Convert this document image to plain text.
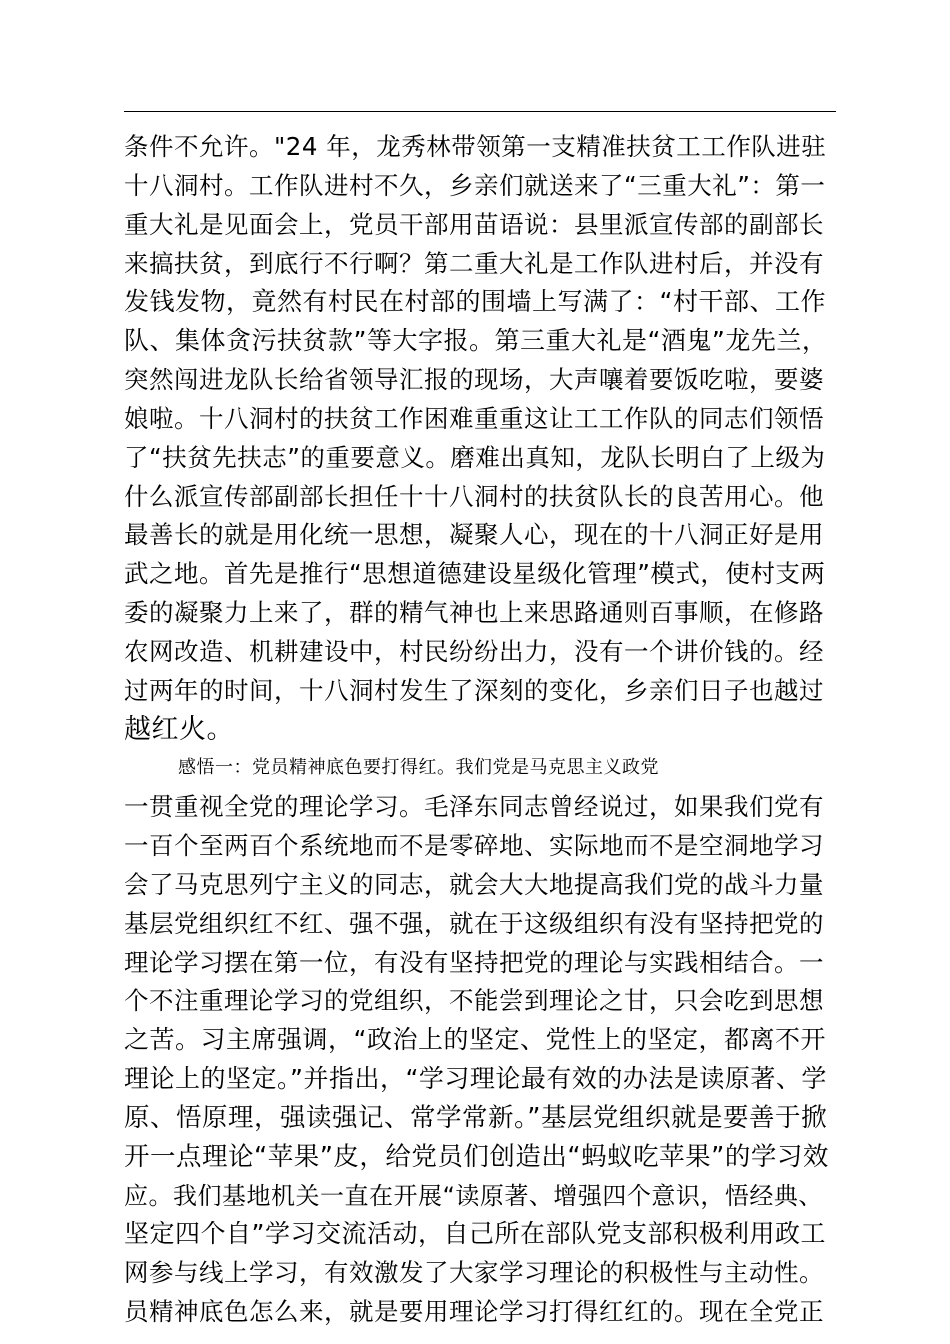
条件不允许。"24 年，龙秀林带领第一支精准扶贫工工作队进驻
十八洞村。工作队进村不久，乡亲们就送来了“三重大礼”：第一
重大礼是见面会上，党员干部用苗语说：县里派宣传部的副部长
来搞扶贫，到底行不行啊？第二重大礼是工作队进村后，并没有
发钱发物，竟然有村民在村部的围墙上写满了：“村干部、工作
队、集体贪污扶贫款”等大字报。第三重大礼是“酒鬼”龙先兰，
突然闯进龙队长给省领导汇报的现场，大声嚷着要饭吃啦，要婆
娘啦。十八洞村的扶贫工作困难重重这让工工作队的同志们领悟
了“扶贫先扶志”的重要意义。磨难出真知，龙队长明白了上级为
什么派宣传部副部长担任十十八洞村的扶贫队长的良苦用心。他
最善长的就是用化统一思想，凝聚人心，现在的十八洞正好是用
武之地。首先是推行“思想道德建设星级化管理”模式，使村支两
委的凝聚力上来了，群的精气神也上来思路通则百事顺，在修路
农网改造、机耕建设中，村民纷纷出力，没有一个讲价钱的。经
过两年的时间，十八洞村发生了深刻的变化，乡亲们日子也越过
越红火。
感悟一：党员精神底色要打得红。我们党是马克思主义政党
一贯重视全党的理论学习。毛泽东同志曾经说过，如果我们党有
一百个至两百个系统地而不是零碎地、实际地而不是空洞地学习
会了马克思列宁主义的同志，就会大大地提高我们党的战斗力量
基层党组织红不红、强不强，就在于这级组织有没有坚持把党的
理论学习摆在第一位，有没有坚持把党的理论与实践相结合。一
个不注重理论学习的党组织，不能尝到理论之甘，只会吃到思想
之苦。习主席强调，“政治上的坚定、党性上的坚定，都离不开
理论上的坚定。”并指出，“学习理论最有效的办法是读原著、学
原、悟原理，强读强记、常学常新。”基层党组织就是要善于掀
开一点理论“苹果”皮，给党员们创造出“蚂蚁吃苹果”的学习效
应。我们基地机关一直在开展“读原著、增强四个意识，悟经典、
坚定四个自”学习交流活动，自己所在部队党支部积极利用政工
网参与线上学习，有效激发了大家学习理论的积极性与主动性。
员精神底色怎么来，就是要用理论学习打得红红的。现在全党正
